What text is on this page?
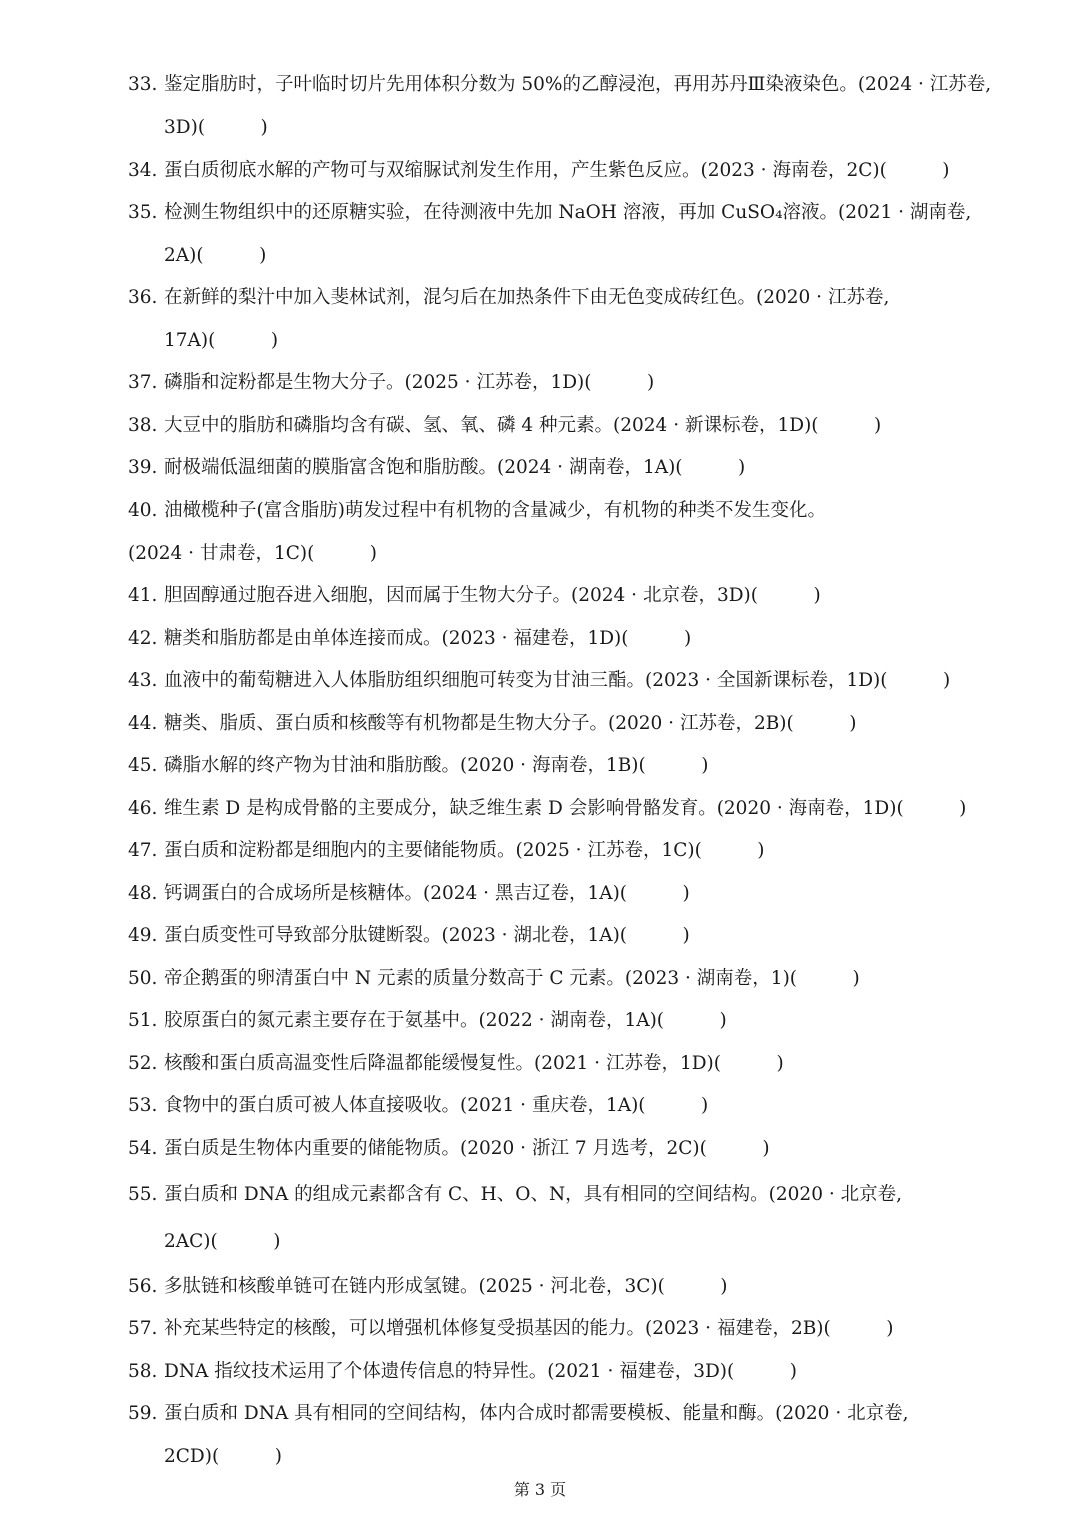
33. 鉴定脂肪时，子叶临时切片先用体积分数为 50%的乙醇浸泡，再用苏丹Ⅲ染液染色。(2024 · 江苏卷,
3D)(　　　)
34. 蛋白质彻底水解的产物可与双缩脲试剂发生作用，产生紫色反应。(2023 · 海南卷，2C)(　　　)
35. 检测生物组织中的还原糖实验，在待测液中先加 NaOH 溶液，再加 CuSO₄溶液。(2021 · 湖南卷,
2A)(　　　)
36. 在新鲜的梨汁中加入斐林试剂，混匀后在加热条件下由无色变成砖红色。(2020 · 江苏卷,
17A)(　　　)
37. 磷脂和淀粉都是生物大分子。(2025 · 江苏卷，1D)(　　　)
38. 大豆中的脂肪和磷脂均含有碳、氢、氧、磷 4 种元素。(2024 · 新课标卷，1D)(　　　)
39. 耐极端低温细菌的膜脂富含饱和脂肪酸。(2024 · 湖南卷，1A)(　　　)
40. 油橄榄种子(富含脂肪)萌发过程中有机物的含量减少，有机物的种类不发生变化。
(2024 · 甘肃卷，1C)(　　　)
41. 胆固醇通过胞吞进入细胞，因而属于生物大分子。(2024 · 北京卷，3D)(　　　)
42. 糖类和脂肪都是由单体连接而成。(2023 · 福建卷，1D)(　　　)
43. 血液中的葡萄糖进入人体脂肪组织细胞可转变为甘油三酯。(2023 · 全国新课标卷，1D)(　　　)
44. 糖类、脂质、蛋白质和核酸等有机物都是生物大分子。(2020 · 江苏卷，2B)(　　　)
45. 磷脂水解的终产物为甘油和脂肪酸。(2020 · 海南卷，1B)(　　　)
46. 维生素 D 是构成骨骼的主要成分，缺乏维生素 D 会影响骨骼发育。(2020 · 海南卷，1D)(　　　)
47. 蛋白质和淀粉都是细胞内的主要储能物质。(2025 · 江苏卷，1C)(　　　)
48. 钙调蛋白的合成场所是核糖体。(2024 · 黑吉辽卷，1A)(　　　)
49. 蛋白质变性可导致部分肽键断裂。(2023 · 湖北卷，1A)(　　　)
50. 帝企鹅蛋的卵清蛋白中 N 元素的质量分数高于 C 元素。(2023 · 湖南卷，1)(　　　)
51. 胶原蛋白的氮元素主要存在于氨基中。(2022 · 湖南卷，1A)(　　　)
52. 核酸和蛋白质高温变性后降温都能缓慢复性。(2021 · 江苏卷，1D)(　　　)
53. 食物中的蛋白质可被人体直接吸收。(2021 · 重庆卷，1A)(　　　)
54. 蛋白质是生物体内重要的储能物质。(2020 · 浙江 7 月选考，2C)(　　　)
55. 蛋白质和 DNA 的组成元素都含有 C、H、O、N，具有相同的空间结构。(2020 · 北京卷,
2AC)(　　　)
56. 多肽链和核酸单链可在链内形成氢键。(2025 · 河北卷，3C)(　　　)
57. 补充某些特定的核酸，可以增强机体修复受损基因的能力。(2023 · 福建卷，2B)(　　　)
58. DNA 指纹技术运用了个体遗传信息的特异性。(2021 · 福建卷，3D)(　　　)
59. 蛋白质和 DNA 具有相同的空间结构，体内合成时都需要模板、能量和酶。(2020 · 北京卷,
2CD)(　　　)
第 3 页
